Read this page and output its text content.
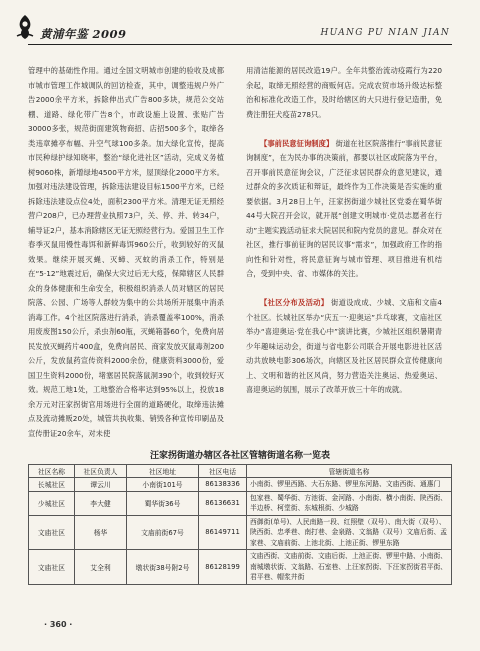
黄浦年鉴 2009	HUANG PU NIAN JIAN

管理中的基础性作用。通过全国文明城市创建的验收及成都市城市管理工作城调队的回访检查，其中，调整违规户外广告2000余平方米，拆除伸出式广告800多块，规范公交站棚、道路、绿化带广告8个，市政设施上设置、张贴广告30000多张，规范街面建筑物商招、店招500多个，取缔各类违章摊亭布幅、升空气球100多条。加大绿化宣传，提高市民种绿护绿知晓率，整治“绿化进社区”活动，完成义务植树9060株，新增绿地4500平方米，屋顶绿化2000平方米。加强对违法建设管理，拆除违法建设目标1500平方米，已经拆除违法建设点位4处，面积2300平方米。清理无证无照经营户208户，已办理营业执照73户，关、停、并、转34户，辅导证2户，基本消除辖区无证无照经营行为。爱国卫生工作春季灭鼠用慢性毒饵和新鲜毒饵960公斤，收到较好的灭鼠效果。继续开展灭蝇、灭蟑、灭蚊的消杀工作，特别是在“5·12”地震过后，确保大灾过后无大疫，保障辖区人民群众的身体健康和生命安全，积极组织消杀人员对辖区的居民院落、公园、广场等人群较为集中的公共场所开展集中消杀消毒工作。4个社区院落进行消杀，消杀覆盖率100%，消杀用废废图150公斤，杀虫剂60瓶，灭蝇箱器60个，免费向居民发放灭蝇药片400盒，免费向居民、商家发放灭鼠毒剂200公斤，发放鼠药宣传资料2000余份，健康资料3000份，爱国卫生资料2000份，堵塞居民院落鼠洞390个，收到较好灭效。规范工地1处，工地整治合格率达到95%以上，投放18余万元对汪家拐街官用场进行全面的道路硬化，取缔违法摊点及流动摊贩20处，城管共执收集、销毁各种宣传印刷品及宣传册证20余车，对未使

用清洁能源的居民改造19户。全年共整治流动疫霞行为220余起，取缔无照经营的商贩何店。完成农贸市场升级达标整治和标准化改造工作，及时给辖区的大只进行登记造册，免费注册狂犬疫苗278只。

【事前民意征询制度】 街道在社区院落推行“事前民意征询制度”，在为民办事的决策前，都要以社区或院落为平台，召开事前民意征询会议，广泛征求居民群众的意见建议，通过群众的多次质证和辩证，最终作为工作决策是否实施的重要依据。3月28日上午，汪家拐街道少城社区党委在蜀华街44号大院召开会议，就开展“创建文明城市·党员志愿者在行动”主题实践活动征求大院居民和院内党员的意见。群众对在社区，推行事前征询的居民议事“需求”，加强政府工作的指向性和针对性，将民意征询与城市管理、项目推进有机结合，受到中央、省、市媒体的关注。

【社区分布及活动】 街道设成成、少城、文庙和文庙4个社区。长城社区举办“庆五一·迎奥运”乒乓球赛，文庙社区举办“喜迎奥运·党在我心中”演讲比赛，少城社区组织暑期青少年趣味运动会，街道与省电影公司联合开展电影进社区活动共放映电影306场次，向辖区及社区居民群众宣传健康向上、文明和谐的社区风尚，努力营造关注奥运、热爱奥运、喜迎奥运的氛围，展示了改革开放三十年的成就。

汪家拐街道办辖区各社区管辖街道名称一览表
社区名称	社区负责人	社区地址	社区电话	管辖街道名称
长城社区	谭云川	小南街101号	86138336	小南街、锣里西路、大石东路、锣里东河路、文庙西街、通惠门
少城社区	李大健	蜀华街36号	86136631	包家巷、蜀华街、方池街、金河路、小南街、横小南街、陕西街、半边桥、柯堂街、东城根街、少城路
文庙社区	杨华	文庙前街67号	86149711	西御街(单号)、人民南路一段、红照壁（双号）、南大街（双号）、陕西街、忠孝巷、南打巷、金泉路、文翁路（双号）文庙后街、孟家巷、文庙前街、上池北街、上池正街、锣里东路
文庙社区	艾全利	墩状街38号附2号	86128199	文庙西街、文庙前街、文庙后街、上池正街、锣里中路、小南街、南城墩状街、文翁路、石室巷、上汪家拐街、下汪家拐街君平街、君平巷、帽浆井街
· 360 ·
